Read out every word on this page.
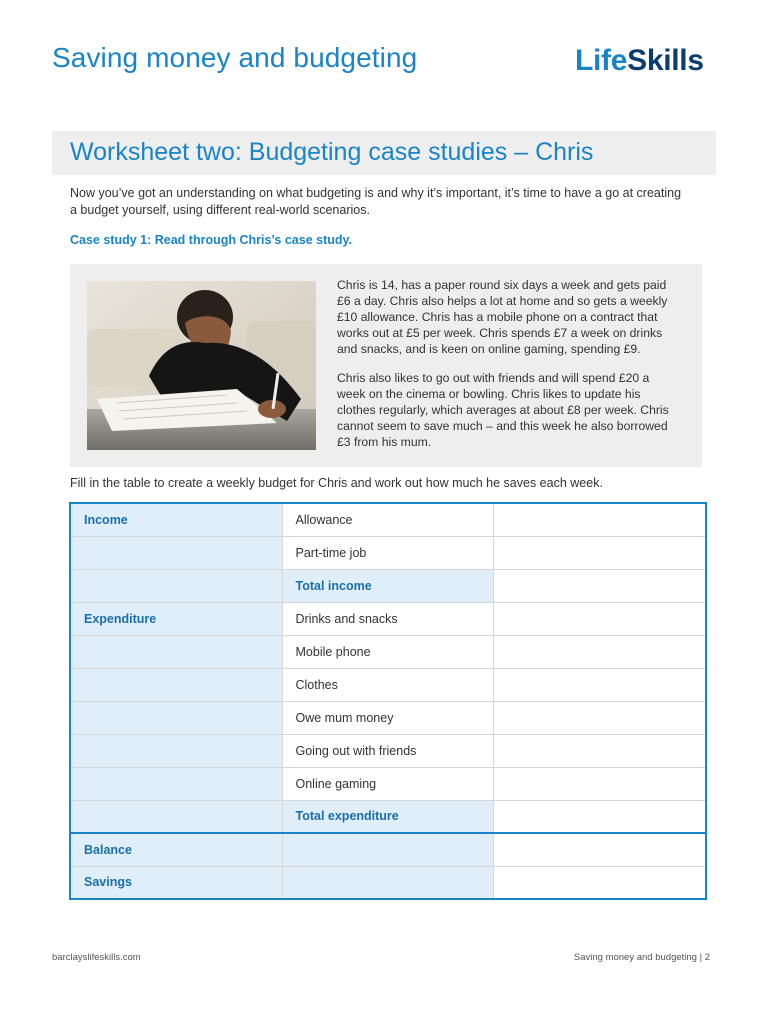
Saving money and budgeting	LifeSkills
Worksheet two: Budgeting case studies – Chris
Now you’ve got an understanding on what budgeting is and why it’s important, it’s time to have a go at creating a budget yourself, using different real-world scenarios.
Case study 1: Read through Chris’s case study.

Chris is 14, has a paper round six days a week and gets paid £6 a day. Chris also helps a lot at home and so gets a weekly £10 allowance. Chris has a mobile phone on a contract that works out at £5 per week. Chris spends £7 a week on drinks and snacks, and is keen on online gaming, spending £9.

Chris also likes to go out with friends and will spend £20 a week on the cinema or bowling. Chris likes to update his clothes regularly, which averages at about £8 per week. Chris cannot seem to save much – and this week he also borrowed £3 from his mum.

Fill in the table to create a weekly budget for Chris and work out how much he saves each week.
Income	Allowance	
	Part-time job	
	Total income	
Expenditure	Drinks and snacks	
	Mobile phone	
	Clothes	
	Owe mum money	
	Going out with friends	
	Online gaming	
	Total expenditure	
Balance		
Savings		
barclayslifeskills.com	Saving money and budgeting | 2
